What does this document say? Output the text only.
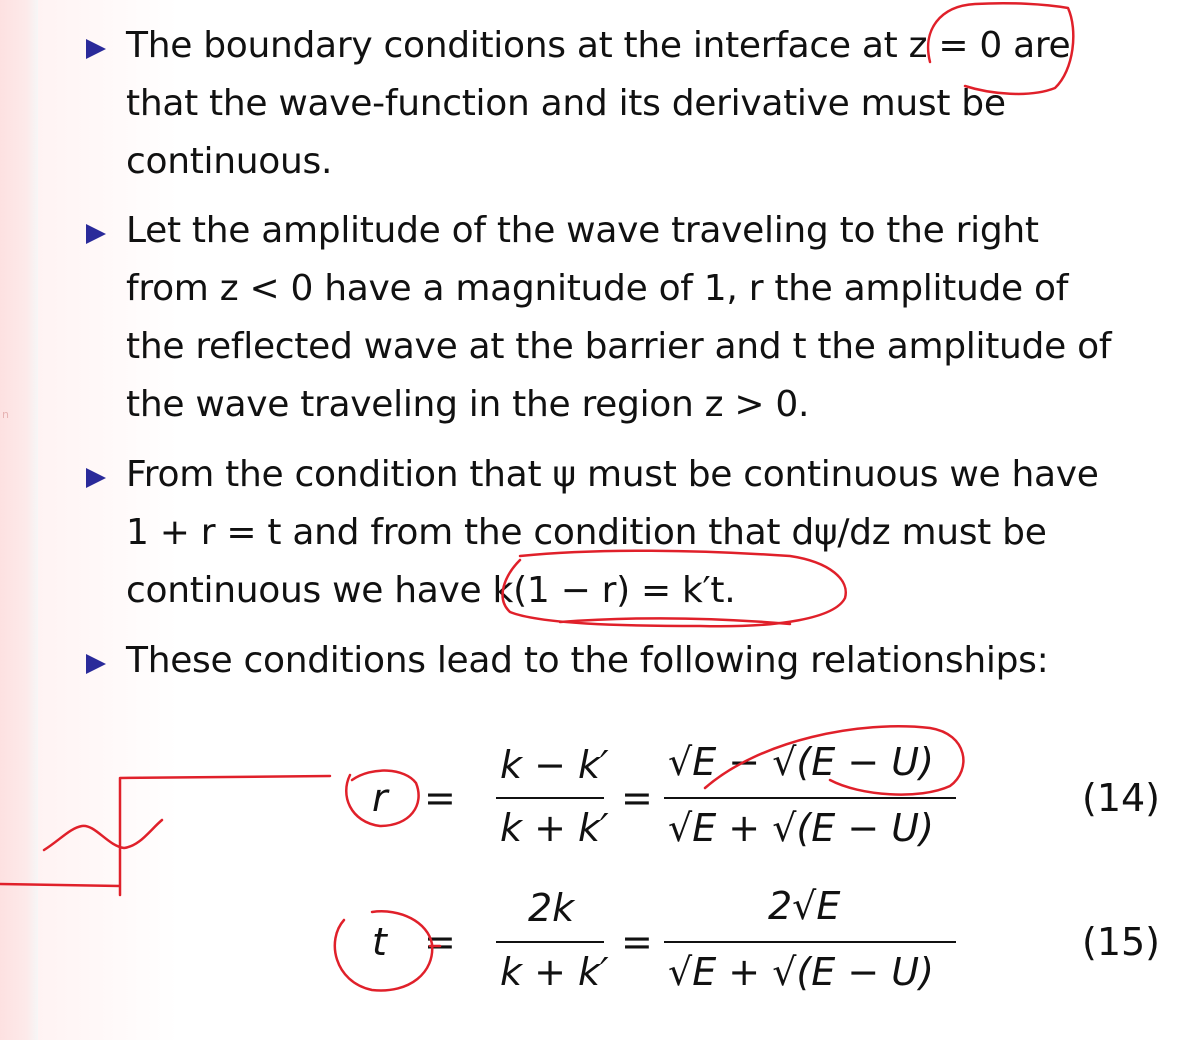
n
The boundary conditions at the interface at z = 0 are
that the wave-function and its derivative must be
continuous.
Let the amplitude of the wave traveling to the right
from z < 0 have a magnitude of 1, r the amplitude of
the reflected wave at the barrier and t the amplitude of
the wave traveling in the region z > 0.
From the condition that ψ must be continuous we have
1 + r = t and from the condition that dψ/dz must be
continuous we have k(1 − r) = k′t.
These conditions lead to the following relationships:
r =
k − k′
k + k′
=
√E − √(E − U)
√E + √(E − U)
(14)
t =
2k
k + k′
=
2√E
√E + √(E − U)
(15)
